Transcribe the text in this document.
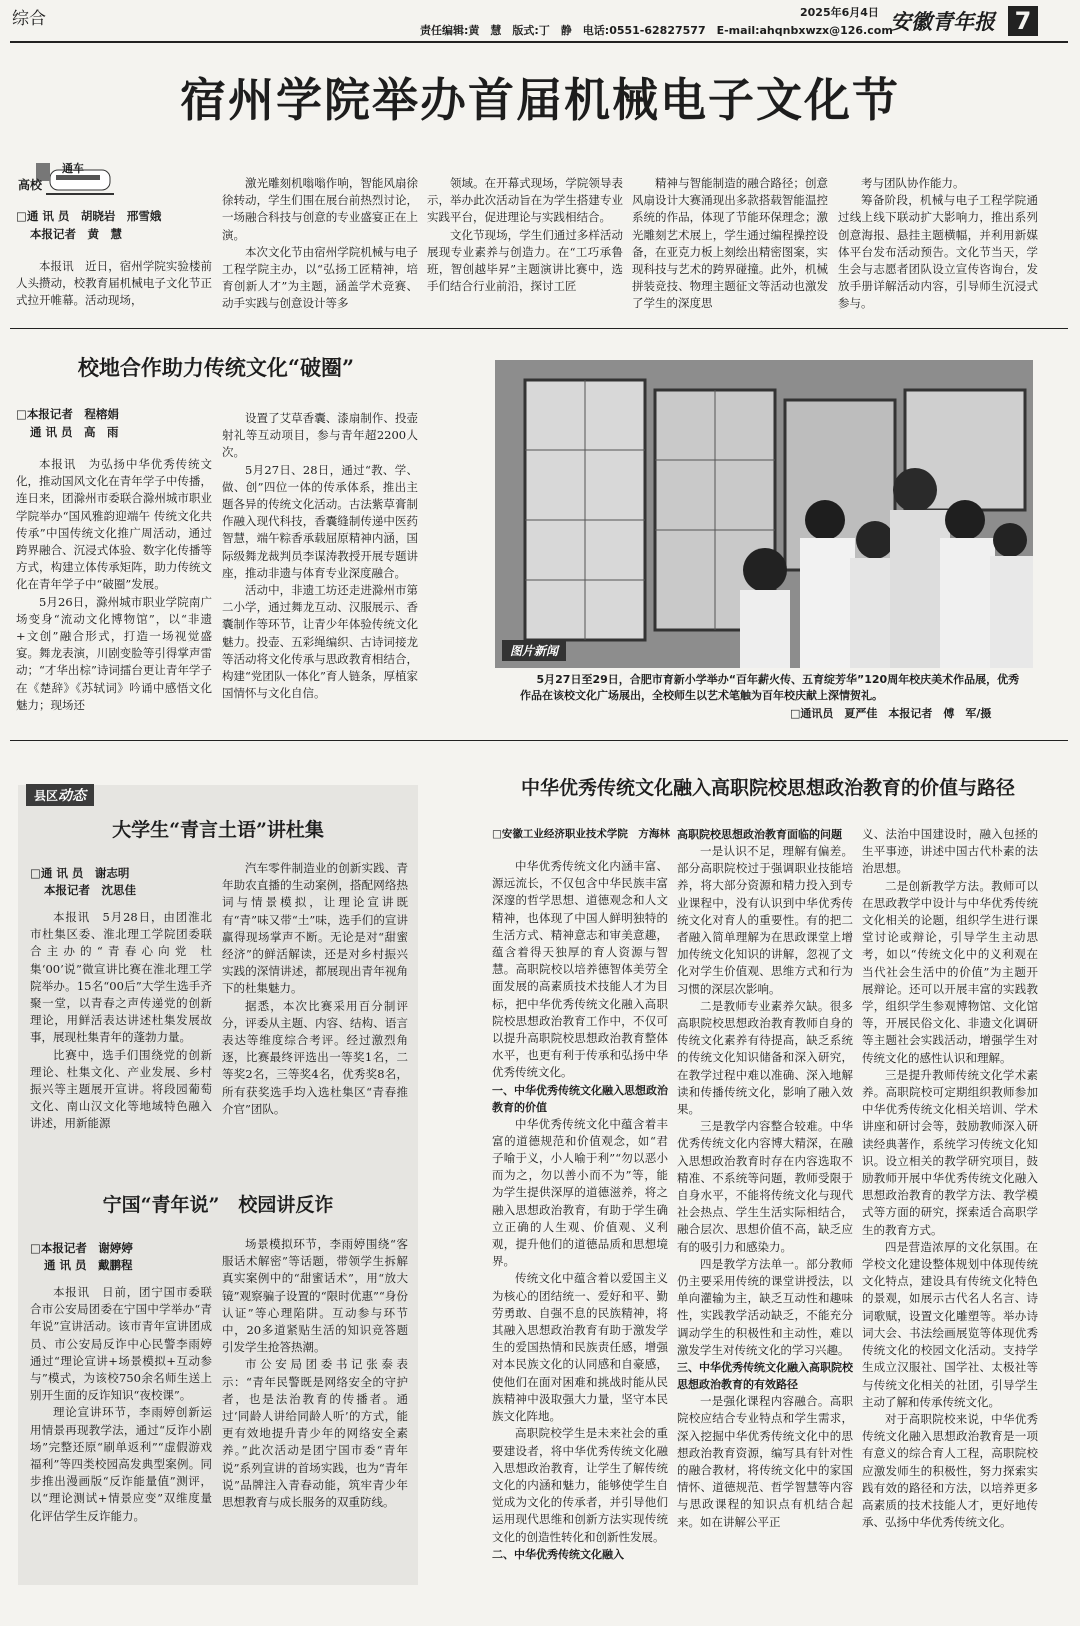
综合	2025年6月4日
责任编辑:黄　慧　版式:丁　静　电话:0551-62827577　E-mail:ahqnbxwzx@126.com
安徽青年报 7
宿州学院举办首届机械电子文化节
高校
通车
□通 讯 员　胡晓岩　邢雪娥
本报记者　黄　慧

本报讯　近日，宿州学院实验楼前人头攒动，校教育届机械电子文化节正式拉开帷幕。活动现场，

激光雕刻机嗡嗡作响，智能风扇徐徐转动，学生们围在展台前热烈讨论，一场融合科技与创意的专业盛宴正在上演。

本次文化节由宿州学院机械与电子工程学院主办，以“弘扬工匠精神，培育创新人才”为主题，涵盖学术竞赛、动手实践与创意设计等多

领域。在开幕式现场，学院领导表示，举办此次活动旨在为学生搭建专业实践平台，促进理论与实践相结合。

文化节现场，学生们通过多样活动展现专业素养与创造力。在“工巧承鲁班，智创越毕昇”主题演讲比赛中，选手们结合行业前沿，探讨工匠

精神与智能制造的融合路径；创意风扇设计大赛涌现出多款搭载智能温控系统的作品，体现了节能环保理念；激光雕刻艺术展上，学生通过编程操控设备，在亚克力板上刻绘出精密图案，实现科技与艺术的跨界碰撞。此外，机械拼装竞技、物理主题征文等活动也激发了学生的深度思

考与团队协作能力。

筹备阶段，机械与电子工程学院通过线上线下联动扩大影响力，推出系列创意海报、悬挂主题横幅，并利用新媒体平台发布活动预告。文化节当天，学生会与志愿者团队设立宣传咨询台，发放手册详解活动内容，引导师生沉浸式参与。

校地合作助力传统文化“破圈”
□本报记者　程榕娟
通 讯 员　高　雨

本报讯　为弘扬中华优秀传统文化，推动国风文化在青年学子中传播，连日来，团滁州市委联合滁州城市职业学院举办“国风雅韵迎端午 传统文化共传承”中国传统文化推广周活动，通过跨界融合、沉浸式体验、数字化传播等方式，构建立体传承矩阵，助力传统文化在青年学子中“破圈”发展。

5月26日，滁州城市职业学院南广场变身“流动文化博物馆”，以“非遗+文创”融合形式，打造一场视觉盛宴。舞龙表演，川剧变脸等引得掌声雷动；“才华出棕”诗词擂台更让青年学子在《楚辞》《苏轼词》吟诵中感悟文化魅力；现场还

设置了艾草香囊、漆扇制作、投壶射礼等互动项目，参与青年超2200人次。

5月27日、28日，通过“教、学、做、创”四位一体的传承体系，推出主题各异的传统文化活动。古法紫草膏制作融入现代科技，香囊缝制传递中医药智慧，端午粽香承载屈原精神内涵，国际级舞龙裁判员李谋涛教授开展专题讲座，推动非遗与体育专业深度融合。

活动中，非遗工坊还走进滁州市第二小学，通过舞龙互动、汉服展示、香囊制作等环节，让青少年体验传统文化魅力。投壶、五彩绳编织、古诗词接龙等活动将文化传承与思政教育相结合，构建“党团队一体化”育人链条，厚植家国情怀与文化自信。

图片新闻
5月27日至29日，合肥市育新小学举办“百年薪火传、五育绽芳华”120周年校庆美术作品展，优秀作品在该校文化广场展出，全校师生以艺术笔触为百年校庆献上深情贺礼。
□通讯员　夏严佳　本报记者　傅　军/摄
县区动态
大学生“青言土语”讲杜集
□通 讯 员　谢志明
本报记者　沈思佳

本报讯　5月28日，由团淮北市杜集区委、淮北理工学院团委联合主办的“青春心向党 杜集‘00’说”微宣讲比赛在淮北理工学院举办。15名“00后”大学生选手齐聚一堂，以青春之声传递党的创新理论，用鲜活表达讲述杜集发展故事，展现杜集青年的蓬勃力量。

比赛中，选手们围绕党的创新理论、杜集文化、产业发展、乡村振兴等主题展开宣讲。将段园葡萄文化、南山汉文化等地域特色融入讲述，用新能源

汽车零件制造业的创新实践、青年助农直播的生动案例，搭配网络热词与情景模拟，让理论宣讲既有“青”味又带“土”味，选手们的宣讲赢得现场掌声不断。无论是对“甜蜜经济”的鲜活解读，还是对乡村振兴实践的深情讲述，都展现出青年视角下的杜集魅力。

据悉，本次比赛采用百分制评分，评委从主题、内容、结构、语言表达等维度综合考评。经过激烈角逐，比赛最终评选出一等奖1名，二等奖2名，三等奖4名，优秀奖8名，所有获奖选手均入选杜集区“青春推介官”团队。

宁国“青年说”　校园讲反诈
□本报记者　谢婷婷
通 讯 员　戴鹏程

本报讯　日前，团宁国市委联合市公安局团委在宁国中学举办“青年说”宣讲活动。该市青年宣讲团成员、市公安局反诈中心民警李雨婷通过“理论宣讲+场景模拟+互动参与”模式，为该校750余名师生送上别开生面的反诈知识“夜校课”。

理论宣讲环节，李雨婷创新运用情景再现教学法，通过“反诈小剧场”完整还原“刷单返利”“虚假游戏福利”等四类校园高发典型案例。同步推出漫画版“反诈能量值”测评，以“理论测试+情景应变”双维度量化评估学生反诈能力。

场景模拟环节，李雨婷围绕“客服话术解密”等话题，带领学生拆解真实案例中的“甜蜜话术”，用“放大镜”观察骗子设置的“限时优惠”“身份认证”等心理陷阱。互动参与环节中，20多道紧贴生活的知识竞答题引发学生抢答热潮。

市公安局团委书记张泰表示：“青年民警既是网络安全的守护者，也是法治教育的传播者。通过‘同龄人讲给同龄人听’的方式，能更有效地提升青少年的网络安全素养。”此次活动是团宁国市委“青年说”系列宣讲的首场实践，也为“青年说”品牌注入青春动能，筑牢青少年思想教育与成长服务的双重防线。

中华优秀传统文化融入高职院校思想政治教育的价值与路径
□安徽工业经济职业技术学院　方海林

中华优秀传统文化内涵丰富、源远流长，不仅包含中华民族丰富深邃的哲学思想、道德观念和人文精神，也体现了中国人鲜明独特的生活方式、精神意志和审美意趣，蕴含着得天独厚的育人资源与智慧。高职院校以培养德智体美劳全面发展的高素质技术技能人才为目标，把中华优秀传统文化融入高职院校思想政治教育工作中，不仅可以提升高职院校思想政治教育整体水平，也更有利于传承和弘扬中华优秀传统文化。

一、中华优秀传统文化融入思想政治教育的价值

中华优秀传统文化中蕴含着丰富的道德规范和价值观念，如“君子喻于义，小人喻于利”“勿以恶小而为之，勿以善小而不为”等，能为学生提供深厚的道德滋养，将之融入思想政治教育，有助于学生确立正确的人生观、价值观、义利观，提升他们的道德品质和思想境界。

传统文化中蕴含着以爱国主义为核心的团结统一、爱好和平、勤劳勇敢、自强不息的民族精神，将其融入思想政治教育有助于激发学生的爱国热情和民族责任感，增强对本民族文化的认同感和自豪感，使他们在面对困难和挑战时能从民族精神中汲取强大力量，坚守本民族文化阵地。

高职院校学生是未来社会的重要建设者，将中华优秀传统文化融入思想政治教育，让学生了解传统文化的内涵和魅力，能够使学生自觉成为文化的传承者，并引导他们运用现代思维和创新方法实现传统文化的创造性转化和创新性发展。

二、中华优秀传统文化融入
高职院校思想政治教育面临的问题

一是认识不足，理解有偏差。部分高职院校过于强调职业技能培养，将大部分资源和精力投入到专业课程中，没有认识到中华优秀传统文化对育人的重要性。有的把二者融入简单理解为在思政课堂上增加传统文化知识的讲解，忽视了文化对学生价值观、思维方式和行为习惯的深层次影响。

二是教师专业素养欠缺。很多高职院校思想政治教育教师自身的传统文化素养有待提高，缺乏系统的传统文化知识储备和深入研究，在教学过程中难以准确、深入地解读和传播传统文化，影响了融入效果。

三是教学内容整合较难。中华优秀传统文化内容博大精深，在融入思想政治教育时存在内容选取不精准、不系统等问题，教师受限于自身水平，不能将传统文化与现代社会热点、学生生活实际相结合，融合层次、思想价值不高，缺乏应有的吸引力和感染力。

四是教学方法单一。部分教师仍主要采用传统的课堂讲授法，以单向灌输为主，缺乏互动性和趣味性，实践教学活动缺乏，不能充分调动学生的积极性和主动性，难以激发学生对传统文化的学习兴趣。

三、中华优秀传统文化融入高职院校思想政治教育的有效路径

一是强化课程内容融合。高职院校应结合专业特点和学生需求，深入挖掘中华优秀传统文化中的思想政治教育资源，编写具有针对性的融合教材，将传统文化中的家国情怀、道德规范、哲学智慧等内容与思政课程的知识点有机结合起来。如在讲解公平正

义、法治中国建设时，融入包拯的生平事迹，讲述中国古代朴素的法治思想。

二是创新教学方法。教师可以在思政教学中设计与中华优秀传统文化相关的论题，组织学生进行课堂讨论或辩论，引导学生主动思考，如以“传统文化中的义利观在当代社会生活中的价值”为主题开展辩论。还可以开展丰富的实践教学，组织学生参观博物馆、文化馆等，开展民俗文化、非遗文化调研等主题社会实践活动，增强学生对传统文化的感性认识和理解。

三是提升教师传统文化学术素养。高职院校可定期组织教师参加中华优秀传统文化相关培训、学术讲座和研讨会等，鼓励教师深入研读经典著作，系统学习传统文化知识。设立相关的教学研究项目，鼓励教师开展中华优秀传统文化融入思想政治教育的教学方法、教学模式等方面的研究，探索适合高职学生的教育方式。

四是营造浓厚的文化氛围。在学校文化建设整体规划中体现传统文化特点，建设具有传统文化特色的景观，如展示古代名人名言、诗词歌赋，设置文化雕塑等。举办诗词大会、书法绘画展览等体现优秀传统文化的校园文化活动。支持学生成立汉服社、国学社、太极社等与传统文化相关的社团，引导学生主动了解和传承传统文化。

对于高职院校来说，中华优秀传统文化融入思想政治教育是一项有意义的综合育人工程，高职院校应激发师生的积极性，努力探索实践有效的路径和方法，以培养更多高素质的技术技能人才，更好地传承、弘扬中华优秀传统文化。
